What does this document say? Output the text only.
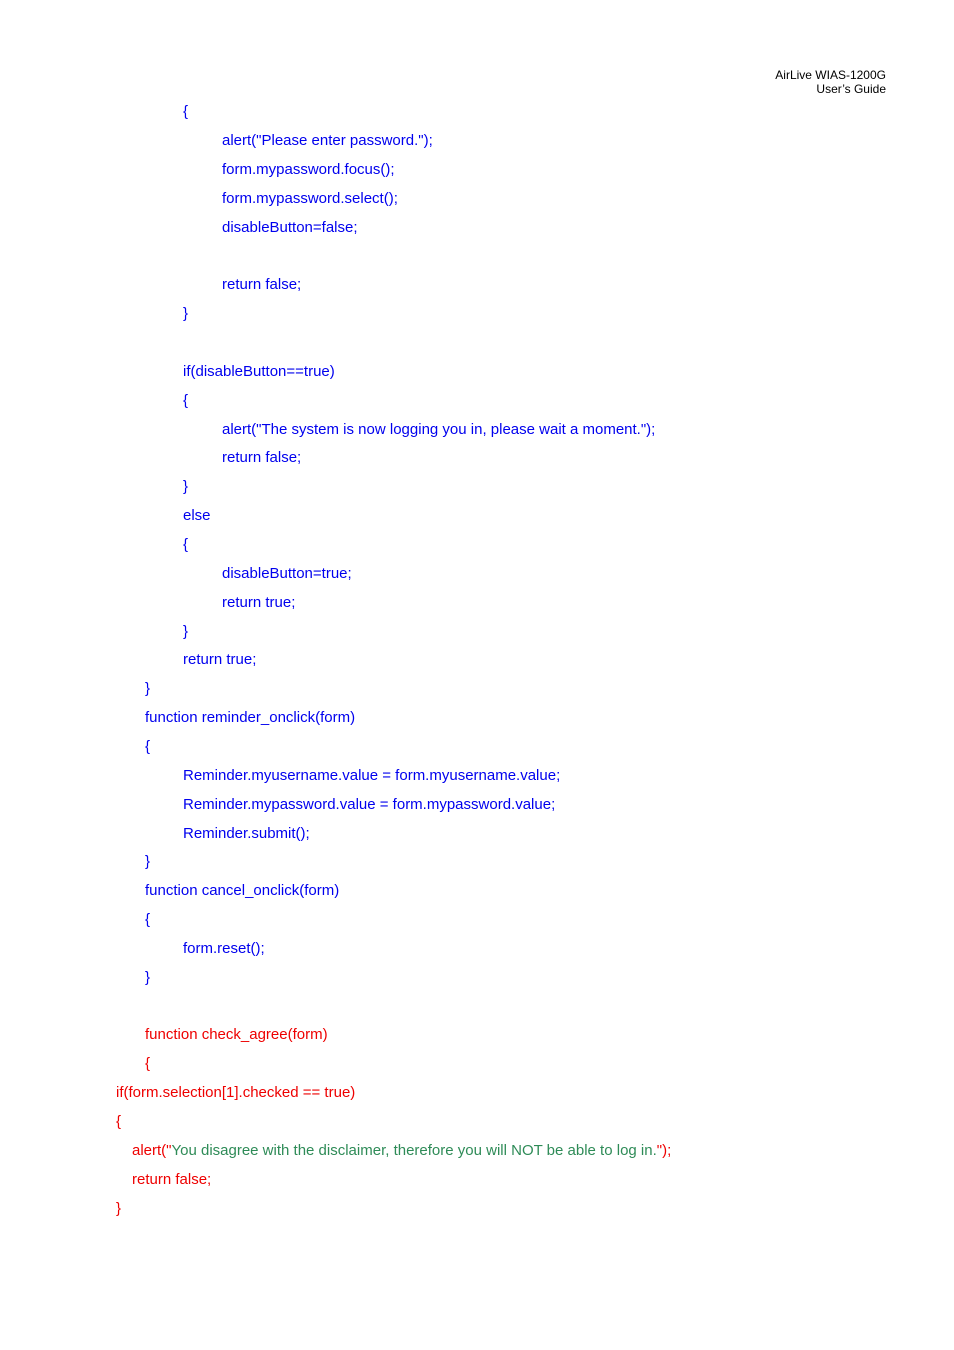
AirLive WIAS-1200G
User’s Guide
{
alert("Please enter password.");
form.mypassword.focus();
form.mypassword.select();
disableButton=false;
return false;
}
if(disableButton==true)
{
alert("The system is now logging you in, please wait a moment.");
return false;
}
else
{
disableButton=true;
return true;
}
return true;
}
function reminder_onclick(form)
{
Reminder.myusername.value = form.myusername.value;
Reminder.mypassword.value = form.mypassword.value;
Reminder.submit();
}
function cancel_onclick(form)
{
form.reset();
}
function check_agree(form)
{
if(form.selection[1].checked == true)
{
alert("You disagree with the disclaimer, therefore you will NOT be able to log in.");
return false;
}
